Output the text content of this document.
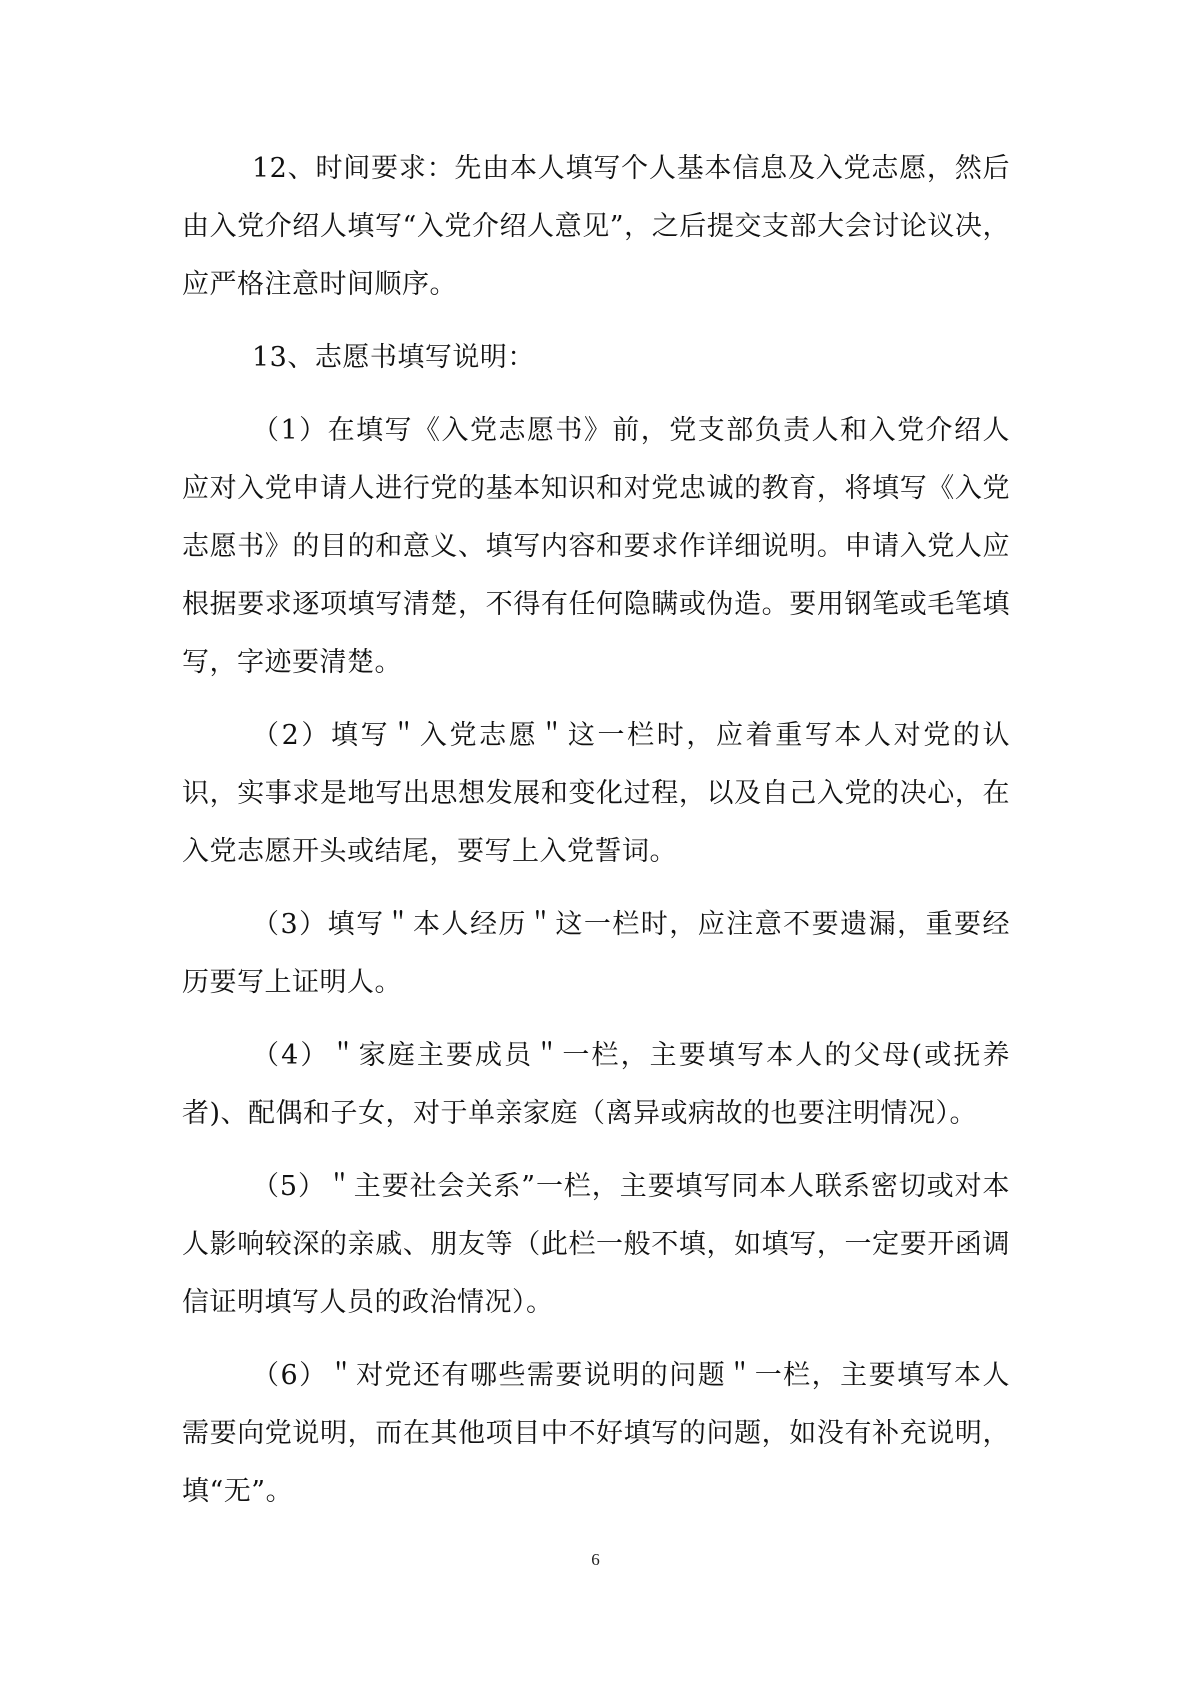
12、时间要求：先由本人填写个人基本信息及入党志愿，然后由入党介绍人填写“入党介绍人意见”，之后提交支部大会讨论议决，应严格注意时间顺序。

13、志愿书填写说明：

（1）在填写《入党志愿书》前，党支部负责人和入党介绍人应对入党申请人进行党的基本知识和对党忠诚的教育，将填写《入党志愿书》的目的和意义、填写内容和要求作详细说明。申请入党人应根据要求逐项填写清楚，不得有任何隐瞒或伪造。要用钢笔或毛笔填写，字迹要清楚。

（2）填写＂入党志愿＂这一栏时，应着重写本人对党的认识，实事求是地写出思想发展和变化过程，以及自己入党的决心，在入党志愿开头或结尾，要写上入党誓词。

（3）填写＂本人经历＂这一栏时，应注意不要遗漏，重要经历要写上证明人。

（4）＂家庭主要成员＂一栏，主要填写本人的父母(或抚养者)、配偶和子女，对于单亲家庭（离异或病故的也要注明情况）。

（5）＂主要社会关系”一栏，主要填写同本人联系密切或对本人影响较深的亲戚、朋友等（此栏一般不填，如填写，一定要开函调信证明填写人员的政治情况）。

（6）＂对党还有哪些需要说明的问题＂一栏，主要填写本人需要向党说明，而在其他项目中不好填写的问题，如没有补充说明，填“无”。

6
